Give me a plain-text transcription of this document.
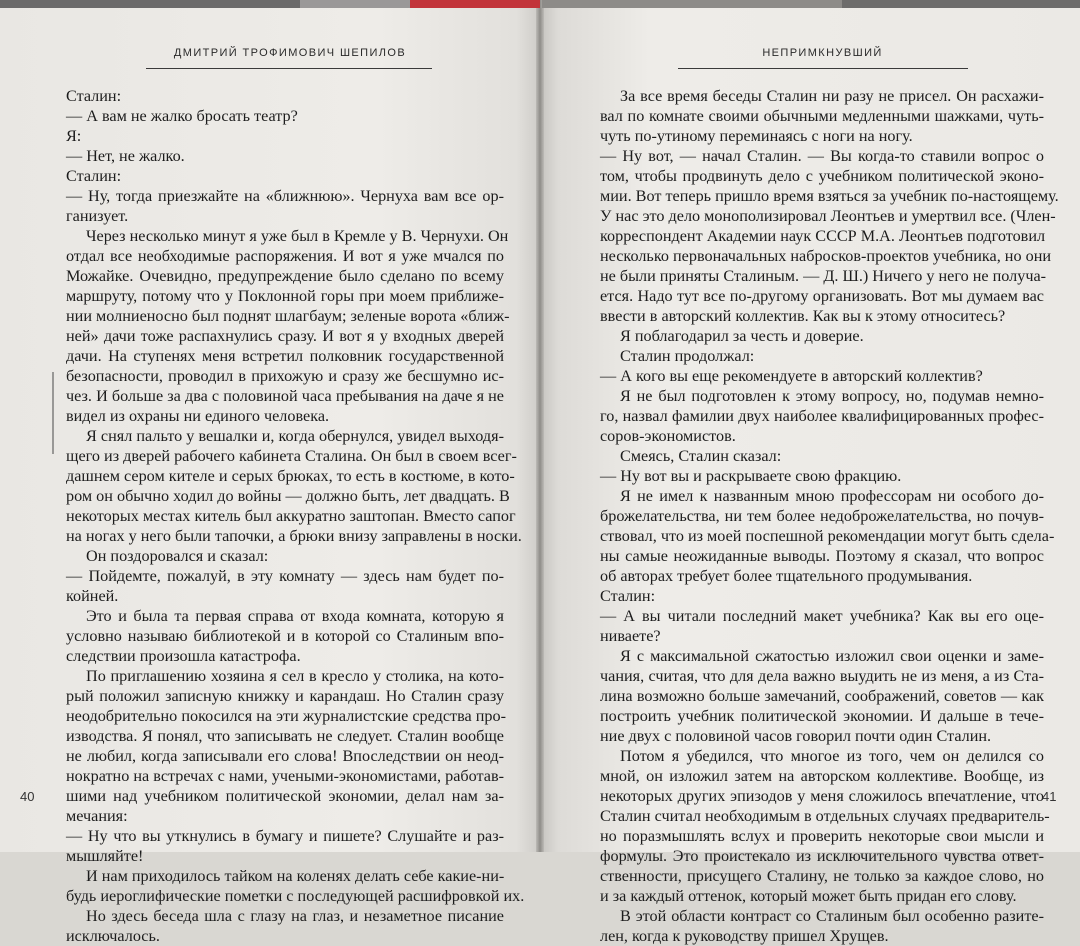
ДМИТРИЙ ТРОФИМОВИЧ ШЕПИЛОВ	НЕПРИМКНУВШИЙ
Сталин:
— А вам не жалко бросать театр?
Я:
— Нет, не жалко.
Сталин:
— Ну, тогда приезжайте на «ближнюю». Чернуха вам все ор-
ганизует.
Через несколько минут я уже был в Кремле у В. Чернухи. Он
отдал все необходимые распоряжения. И вот я уже мчался по
Можайке. Очевидно, предупреждение было сделано по всему
маршруту, потому что у Поклонной горы при моем приближе-
нии молниеносно был поднят шлагбаум; зеленые ворота «ближ-
ней» дачи тоже распахнулись сразу. И вот я у входных дверей
дачи. На ступенях меня встретил полковник государственной
безопасности, проводил в прихожую и сразу же бесшумно ис-
чез. И больше за два с половиной часа пребывания на даче я не
видел из охраны ни единого человека.
Я снял пальто у вешалки и, когда обернулся, увидел выходя-
щего из дверей рабочего кабинета Сталина. Он был в своем всег-
дашнем сером кителе и серых брюках, то есть в костюме, в кото-
ром он обычно ходил до войны — должно быть, лет двадцать. В
некоторых местах китель был аккуратно заштопан. Вместо сапог
на ногах у него были тапочки, а брюки внизу заправлены в носки.
Он поздоровался и сказал:
— Пойдемте, пожалуй, в эту комнату — здесь нам будет по-
койней.
Это и была та первая справа от входа комната, которую я
условно называю библиотекой и в которой со Сталиным впо-
следствии произошла катастрофа.
По приглашению хозяина я сел в кресло у столика, на кото-
рый положил записную книжку и карандаш. Но Сталин сразу
неодобрительно покосился на эти журналистские средства про-
изводства. Я понял, что записывать не следует. Сталин вообще
не любил, когда записывали его слова! Впоследствии он неод-
нократно на встречах с нами, учеными-экономистами, работав-
шими над учебником политической экономии, делал нам за-
мечания:
— Ну что вы уткнулись в бумагу и пишете? Слушайте и раз-
мышляйте!
И нам приходилось тайком на коленях делать себе какие-ни-
будь иероглифические пометки с последующей расшифровкой их.
Но здесь беседа шла с глазу на глаз, и незаметное писание
исключалось.
За все время беседы Сталин ни разу не присел. Он расхажи-
вал по комнате своими обычными медленными шажками, чуть-
чуть по-утиному переминаясь с ноги на ногу.
— Ну вот, — начал Сталин. — Вы когда-то ставили вопрос о
том, чтобы продвинуть дело с учебником политической эконо-
мии. Вот теперь пришло время взяться за учебник по-настоящему.
У нас это дело монополизировал Леонтьев и умертвил все. (Член-
корреспондент Академии наук СССР М.А. Леонтьев подготовил
несколько первоначальных набросков-проектов учебника, но они
не были приняты Сталиным. — Д. Ш.) Ничего у него не получа-
ется. Надо тут все по-другому организовать. Вот мы думаем вас
ввести в авторский коллектив. Как вы к этому относитесь?
Я поблагодарил за честь и доверие.
Сталин продолжал:
— А кого вы еще рекомендуете в авторский коллектив?
Я не был подготовлен к этому вопросу, но, подумав немно-
го, назвал фамилии двух наиболее квалифицированных профес-
соров-экономистов.
Смеясь, Сталин сказал:
— Ну вот вы и раскрываете свою фракцию.
Я не имел к названным мною профессорам ни особого до-
брожелательства, ни тем более недоброжелательства, но почув-
ствовал, что из моей поспешной рекомендации могут быть сдела-
ны самые неожиданные выводы. Поэтому я сказал, что вопрос
об авторах требует более тщательного продумывания.
Сталин:
— А вы читали последний макет учебника? Как вы его оце-
ниваете?
Я с максимальной сжатостью изложил свои оценки и заме-
чания, считая, что для дела важно выудить не из меня, а из Ста-
лина возможно больше замечаний, соображений, советов — как
построить учебник политической экономии. И дальше в тече-
ние двух с половиной часов говорил почти один Сталин.
Потом я убедился, что многое из того, чем он делился со
мной, он изложил затем на авторском коллективе. Вообще, из
некоторых других эпизодов у меня сложилось впечатление, что
Сталин считал необходимым в отдельных случаях предваритель-
но поразмышлять вслух и проверить некоторые свои мысли и
формулы. Это проистекало из исключительного чувства ответ-
ственности, присущего Сталину, не только за каждое слово, но
и за каждый оттенок, который может быть придан его слову.
В этой области контраст со Сталиным был особенно разите-
лен, когда к руководству пришел Хрущев.
40	41
